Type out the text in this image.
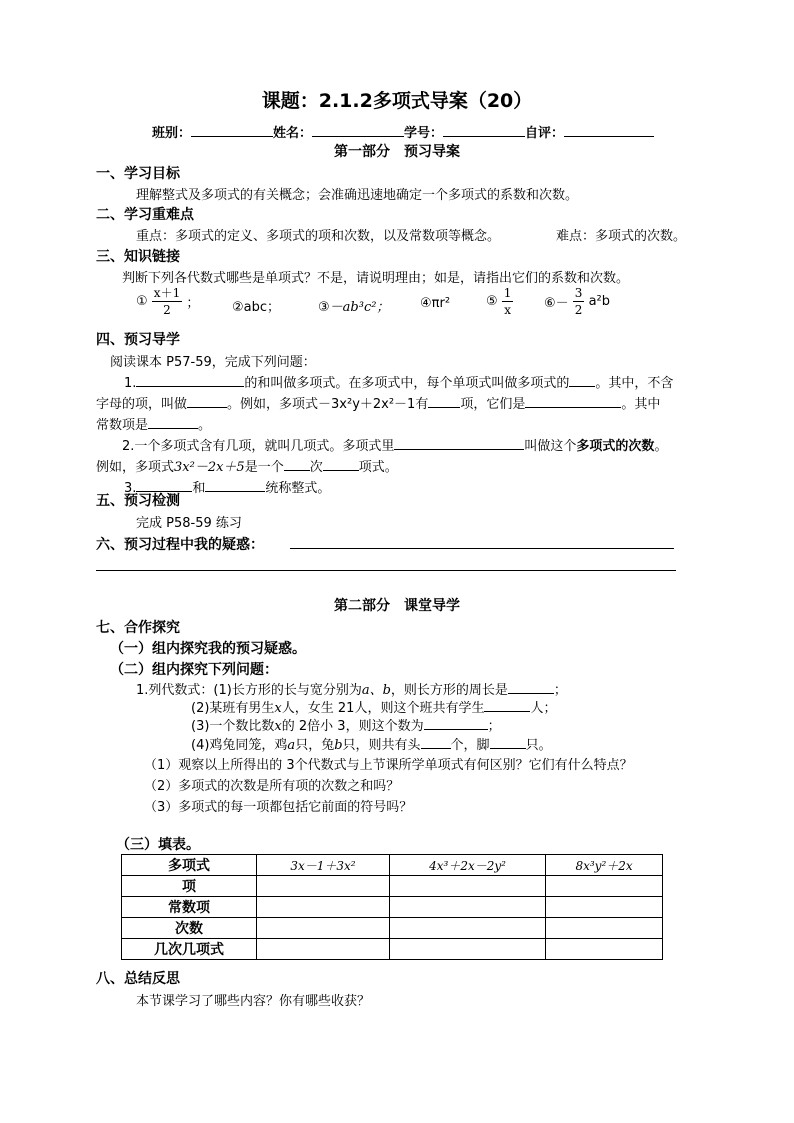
课题：2.1.2多项式导案（20）
班别：	姓名：	学号：	自评：
第一部分　预习导案
一、学习目标
理解整式及多项式的有关概念；会准确迅速地确定一个多项式的系数和次数。
二、学习重难点
重点：多项式的定义、多项式的项和次数，以及常数项等概念。	难点：多项式的次数。
三、知识链接
判断下列各代数式哪些是单项式？不是，请说明理由；如是，请指出它们的系数和次数。
① $\frac{x+1}{2}$ ；	②abc；	③－ab³c²； ④πr²	⑤ $\frac{1}{x}$ ⑥－ $\frac{3}{2} a^2b$
四、预习导学
阅读课本 P57-59，完成下列问题：
1.	的和叫做多项式。在多项式中，每个单项式叫做多项式的 。其中，不含
字母的项，叫做	。例如，多项式－3x²y＋2x²－1有 项，它们是	。其中
常数项是	。
2.一个多项式含有几项，就叫几项式。多项式里	叫做这个多项式的次数。
例如，多项式3x²－2x＋5是一个 次	项式。
3.	和	统称整式。
五、预习检测
完成 P58-59 练习
六、预习过程中我的疑惑：
第二部分　课堂导学
七、合作探究
（一）组内探究我的预习疑惑。
（二）组内探究下列问题：
1.列代数式：(1)长方形的长与宽分别为a、b，则长方形的周长是	；
(2)某班有男生x人，女生 21人，则这个班共有学生	人；
(3)一个数比数x的 2倍小 3，则这个数为	；
(4)鸡兔同笼，鸡a只，兔b只，则共有头 个，脚	只。
（1）观察以上所得出的 3个代数式与上节课所学单项式有何区别？它们有什么特点？
（2）多项式的次数是所有项的次数之和吗？
（3）多项式的每一项都包括它前面的符号吗？
（三）填表。
多项式	3x－1＋3x²	4x³＋2x－2y²	8x³y²＋2x
项			
常数项			
次数			
几次几项式			
八、总结反思
本节课学习了哪些内容？你有哪些收获？
